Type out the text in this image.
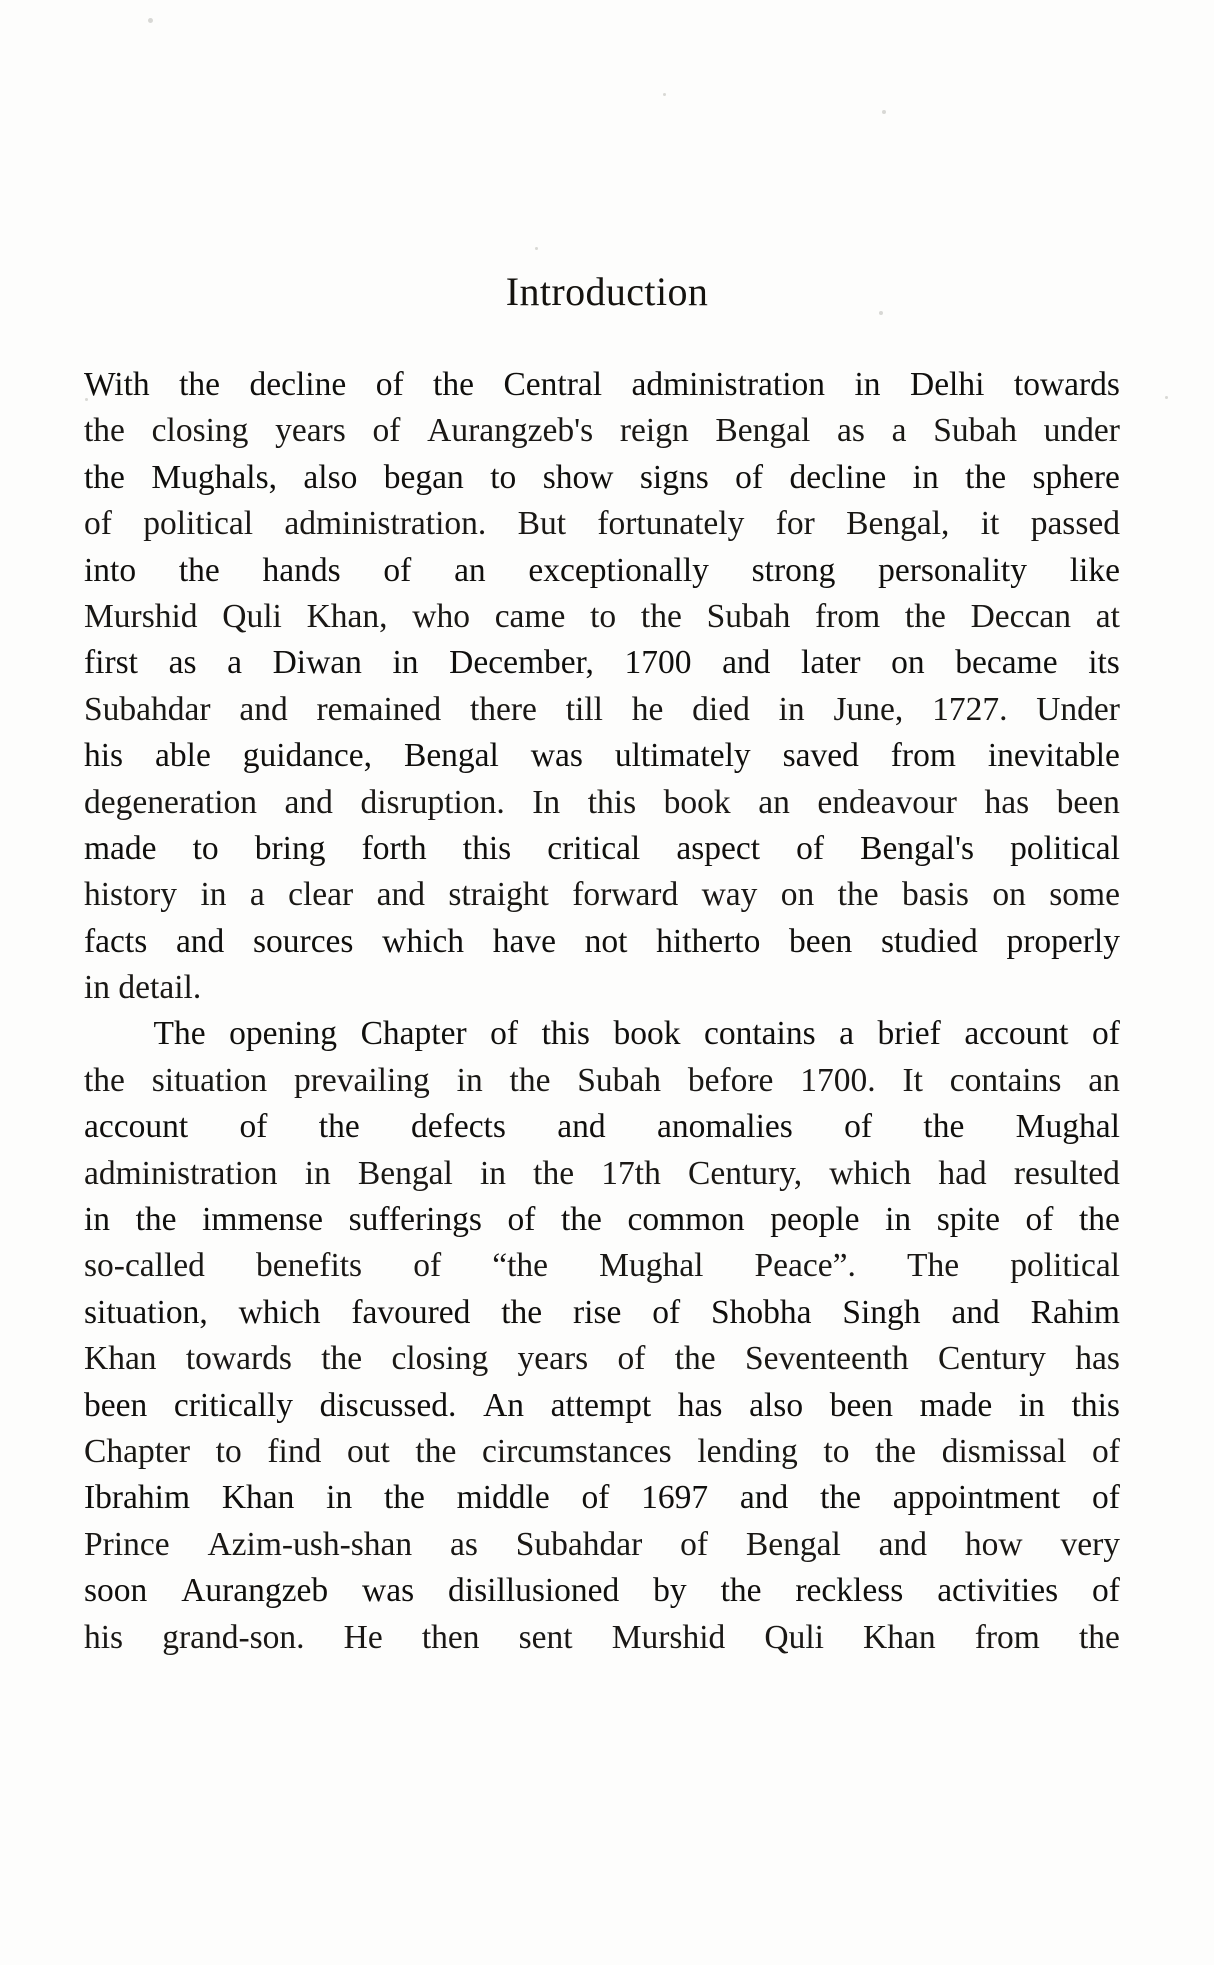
Introduction

With the decline of the Central administration in Delhi towards
the closing years of Aurangzeb's reign Bengal as a Subah under
the Mughals, also began to show signs of decline in the sphere
of political administration. But fortunately for Bengal, it passed
into the hands of an exceptionally strong personality like
Murshid Quli Khan, who came to the Subah from the Deccan at
first as a Diwan in December, 1700 and later on became its
Subahdar and remained there till he died in June, 1727. Under
his able guidance, Bengal was ultimately saved from inevitable
degeneration and disruption. In this book an endeavour has been
made to bring forth this critical aspect of Bengal's political
history in a clear and straight forward way on the basis on some
facts and sources which have not hitherto been studied properly
in detail.

The opening Chapter of this book contains a brief account of
the situation prevailing in the Subah before 1700. It contains an
account of the defects and anomalies of the Mughal
administration in Bengal in the 17th Century, which had resulted
in the immense sufferings of the common people in spite of the
so-called benefits of “the Mughal Peace”. The political
situation, which favoured the rise of Shobha Singh and Rahim
Khan towards the closing years of the Seventeenth Century has
been critically discussed. An attempt has also been made in this
Chapter to find out the circumstances lending to the dismissal of
Ibrahim Khan in the middle of 1697 and the appointment of
Prince Azim-ush-shan as Subahdar of Bengal and how very
soon Aurangzeb was disillusioned by the reckless activities of
his grand-son. He then sent Murshid Quli Khan from the
